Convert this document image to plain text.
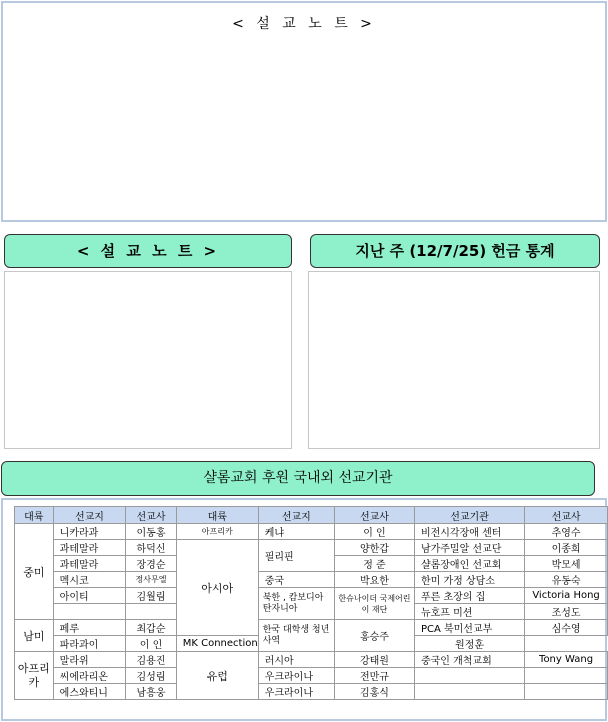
< 설 교 노 트 >
< 설 교 노 트 >	지난 주 (12/7/25) 헌금 통계
샬롬교회 후원 국내외 선교기관
대륙	선교지	선교사	대륙	선교지	선교사	선교기관	선교사
중미	니카라과	이동홍	아프리카	케냐	이 인	비전시각장애 센터	추영수
	과테말라	하덕신	아시아	필리핀	양한갑	남가주밀알 선교단	이종희
	과테말라	장경순			정 준	샬롬장애인 선교회	박모세
	멕시코	정사무엘		중국	박요한	한미 가정 상담소	유동숙
	아이티	김월림		북한 , 캄보디아 탄자니아	한슈나이더 국제어린이 재단	푸른 초장의 집	Victoria Hong
						뉴호프 미션	조성도
남미	페루	최갑순		한국 대학생 청년 사역	홍승주	PCA 북미선교부	심수영
	파라과이	이 인	MK Connection			원정훈	
아프리카	말라위	김용진	유럽	러시아	강태원	중국인 개척교회	Tony Wang
	씨에라리온	김성림		우크라이나	전만규		
	에스와티니	남흥웅		우크라이나	김홍식		
